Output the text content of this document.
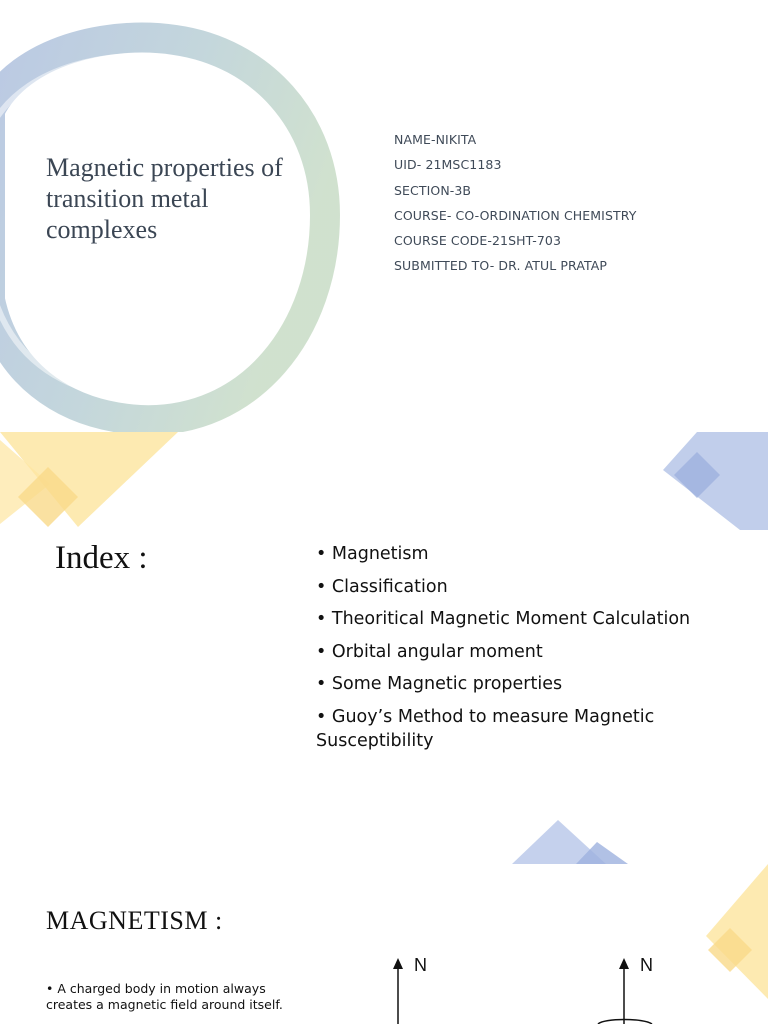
Magnetic properties of transition metal complexes
NAME-NIKITA
UID- 21MSC1183
SECTION-3B
COURSE- CO-ORDINATION CHEMISTRY
COURSE CODE-21SHT-703
SUBMITTED TO- DR. ATUL PRATAP
Index :	• Magnetism
• Classification
• Theoritical Magnetic Moment Calculation
• Orbital angular moment
• Some Magnetic properties
• Guoy’s Method to measure Magnetic Susceptibility
MAGNETISM :

• A charged body in motion always creates a magnetic field around itself.

N	N
